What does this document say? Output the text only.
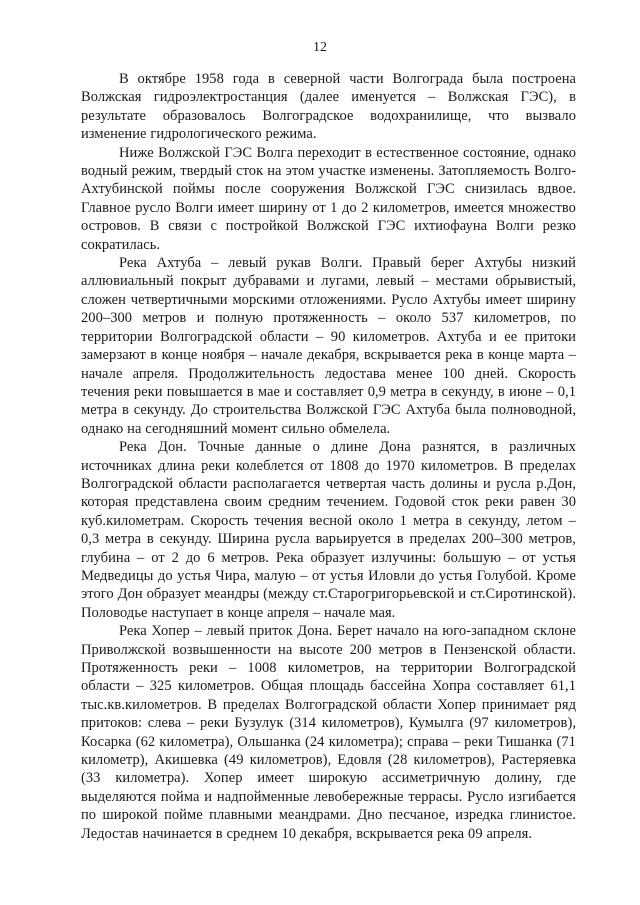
12

В октябре 1958 года в северной части Волгограда была построена Волжская гидроэлектростанция (далее именуется – Волжская ГЭС), в результате образовалось Волгоградское водохранилище, что вызвало изменение гидрологического режима.

Ниже Волжской ГЭС Волга переходит в естественное состояние, однако водный режим, твердый сток на этом участке изменены. Затопляемость Волго-Ахтубинской поймы после сооружения Волжской ГЭС снизилась вдвое. Главное русло Волги имеет ширину от 1 до 2 километров, имеется множество островов. В связи с постройкой Волжской ГЭС ихтиофауна Волги резко сократилась.

Река Ахтуба – левый рукав Волги. Правый берег Ахтубы низкий аллювиальный покрыт дубравами и лугами, левый – местами обрывистый, сложен четвертичными морскими отложениями. Русло Ахтубы имеет ширину 200–300 метров и полную протяженность – около 537 километров, по территории Волгоградской области – 90 километров. Ахтуба и ее притоки замерзают в конце ноября – начале декабря, вскрывается река в конце марта – начале апреля. Продолжительность ледостава менее 100 дней. Скорость течения реки повышается в мае и составляет 0,9 метра в секунду, в июне – 0,1 метра в секунду. До строительства Волжской ГЭС Ахтуба была полноводной, однако на сегодняшний момент сильно обмелела.

Река Дон. Точные данные о длине Дона разнятся, в различных источниках длина реки колеблется от 1808 до 1970 километров. В пределах Волгоградской области располагается четвертая часть долины и русла р.Дон, которая представлена своим средним течением. Годовой сток реки равен 30 куб.километрам. Скорость течения весной около 1 метра в секунду, летом – 0,3 метра в секунду. Ширина русла варьируется в пределах 200–300 метров, глубина – от 2 до 6 метров. Река образует излучины: большую – от устья Медведицы до устья Чира, малую – от устья Иловли до устья Голубой. Кроме этого Дон образует меандры (между ст.Старогригорьевской и ст.Сиротинской). Половодье наступает в конце апреля – начале мая.

Река Хопер – левый приток Дона. Берет начало на юго-западном склоне Приволжской возвышенности на высоте 200 метров в Пензенской области. Протяженность реки – 1008 километров, на территории Волгоградской области – 325 километров. Общая площадь бассейна Хопра составляет 61,1 тыс.кв.километров. В пределах Волгоградской области Хопер принимает ряд притоков: слева – реки Бузулук (314 километров), Кумылга (97 километров), Косарка (62 километра), Ольшанка (24 километра); справа – реки Тишанка (71 километр), Акишевка (49 километров), Едовля (28 километров), Растеряевка (33 километра). Хопер имеет широкую ассиметричную долину, где выделяются пойма и надпойменные левобережные террасы. Русло изгибается по широкой пойме плавными меандрами. Дно песчаное, изредка глинистое. Ледостав начинается в среднем 10 декабря, вскрывается река 09 апреля.
